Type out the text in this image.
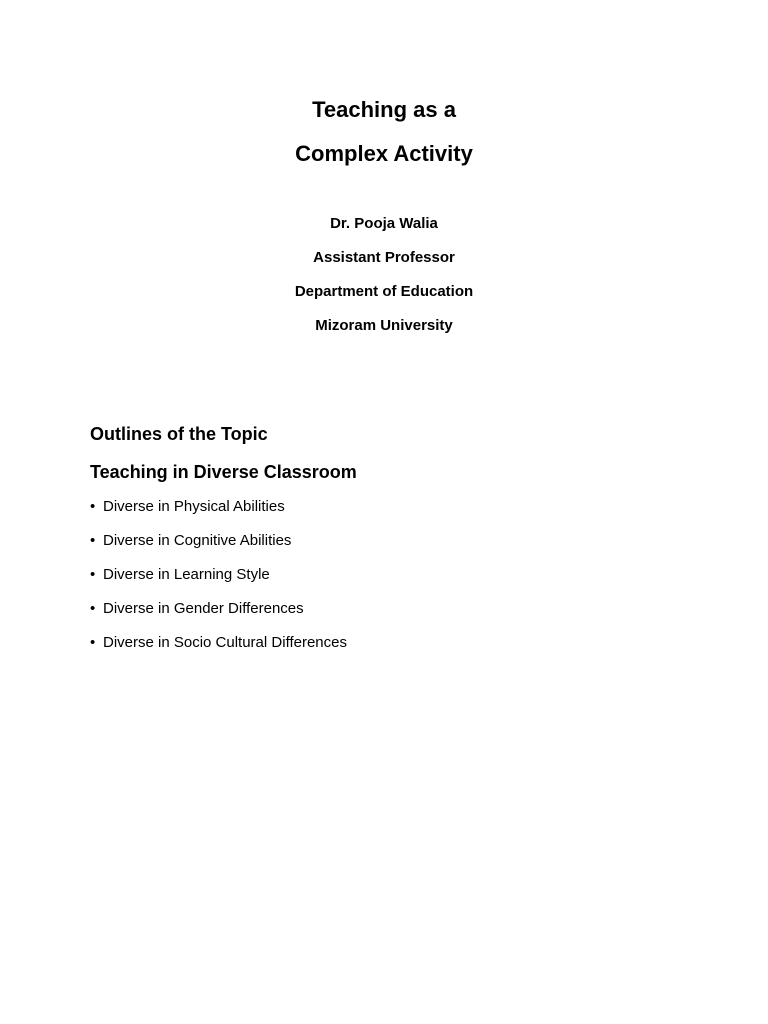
Teaching as a
Complex Activity

Dr. Pooja Walia

Assistant Professor

Department of Education

Mizoram University

Outlines of the Topic
Teaching in Diverse Classroom
• Diverse in Physical Abilities
• Diverse in Cognitive Abilities
• Diverse in Learning Style
• Diverse in Gender Differences
• Diverse in Socio Cultural Differences
